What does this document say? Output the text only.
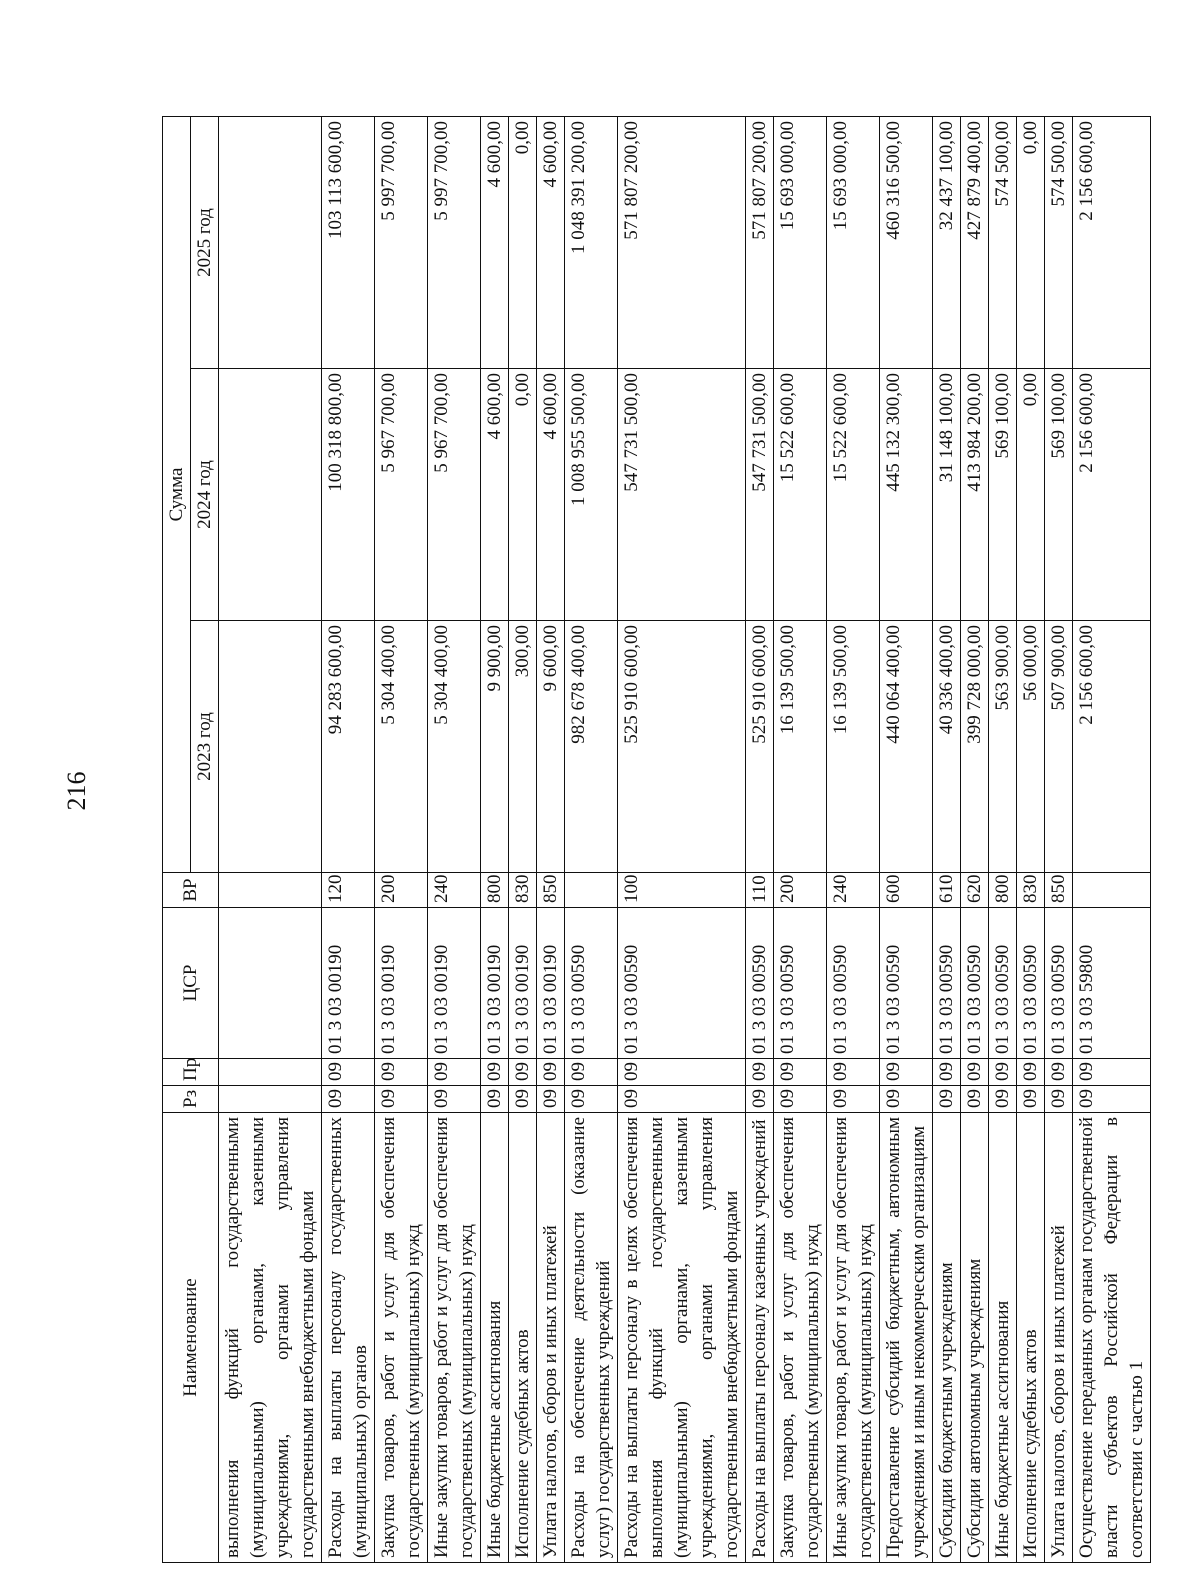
216
Наименование	Рз	Пр	ЦСР	ВР	Сумма		
					2023 год	2024 год	2025 год
выполнения функций государственными (муниципальными) органами, казенными учреждениями, органами управления государственными внебюджетными фондами							
Расходы на выплаты персоналу государственных (муниципальных) органов	09	09	01 3 03 00190	120	94 283 600,00	100 318 800,00	103 113 600,00
Закупка товаров, работ и услуг для обеспечения государственных (муниципальных) нужд	09	09	01 3 03 00190	200	5 304 400,00	5 967 700,00	5 997 700,00
Иные закупки товаров, работ и услуг для обеспечения государственных (муниципальных) нужд	09	09	01 3 03 00190	240	5 304 400,00	5 967 700,00	5 997 700,00
Иные бюджетные ассигнования	09	09	01 3 03 00190	800	9 900,00	4 600,00	4 600,00
Исполнение судебных актов	09	09	01 3 03 00190	830	300,00	0,00	0,00
Уплата налогов, сборов и иных платежей	09	09	01 3 03 00190	850	9 600,00	4 600,00	4 600,00
Расходы на обеспечение деятельности (оказание услуг) государственных учреждений	09	09	01 3 03 00590		982 678 400,00	1 008 955 500,00	1 048 391 200,00
Расходы на выплаты персоналу в целях обеспечения выполнения функций государственными (муниципальными) органами, казенными учреждениями, органами управления государственными внебюджетными фондами	09	09	01 3 03 00590	100	525 910 600,00	547 731 500,00	571 807 200,00
Расходы на выплаты персоналу казенных учреждений	09	09	01 3 03 00590	110	525 910 600,00	547 731 500,00	571 807 200,00
Закупка товаров, работ и услуг для обеспечения государственных (муниципальных) нужд	09	09	01 3 03 00590	200	16 139 500,00	15 522 600,00	15 693 000,00
Иные закупки товаров, работ и услуг для обеспечения государственных (муниципальных) нужд	09	09	01 3 03 00590	240	16 139 500,00	15 522 600,00	15 693 000,00
Предоставление субсидий бюджетным, автономным учреждениям и иным некоммерческим организациям	09	09	01 3 03 00590	600	440 064 400,00	445 132 300,00	460 316 500,00
Субсидии бюджетным учреждениям	09	09	01 3 03 00590	610	40 336 400,00	31 148 100,00	32 437 100,00
Субсидии автономным учреждениям	09	09	01 3 03 00590	620	399 728 000,00	413 984 200,00	427 879 400,00
Иные бюджетные ассигнования	09	09	01 3 03 00590	800	563 900,00	569 100,00	574 500,00
Исполнение судебных актов	09	09	01 3 03 00590	830	56 000,00	0,00	0,00
Уплата налогов, сборов и иных платежей	09	09	01 3 03 00590	850	507 900,00	569 100,00	574 500,00
Осуществление переданных органам государственной власти субъектов Российской Федерации в соответствии с частью 1	09	09	01 3 03 59800		2 156 600,00	2 156 600,00	2 156 600,00
